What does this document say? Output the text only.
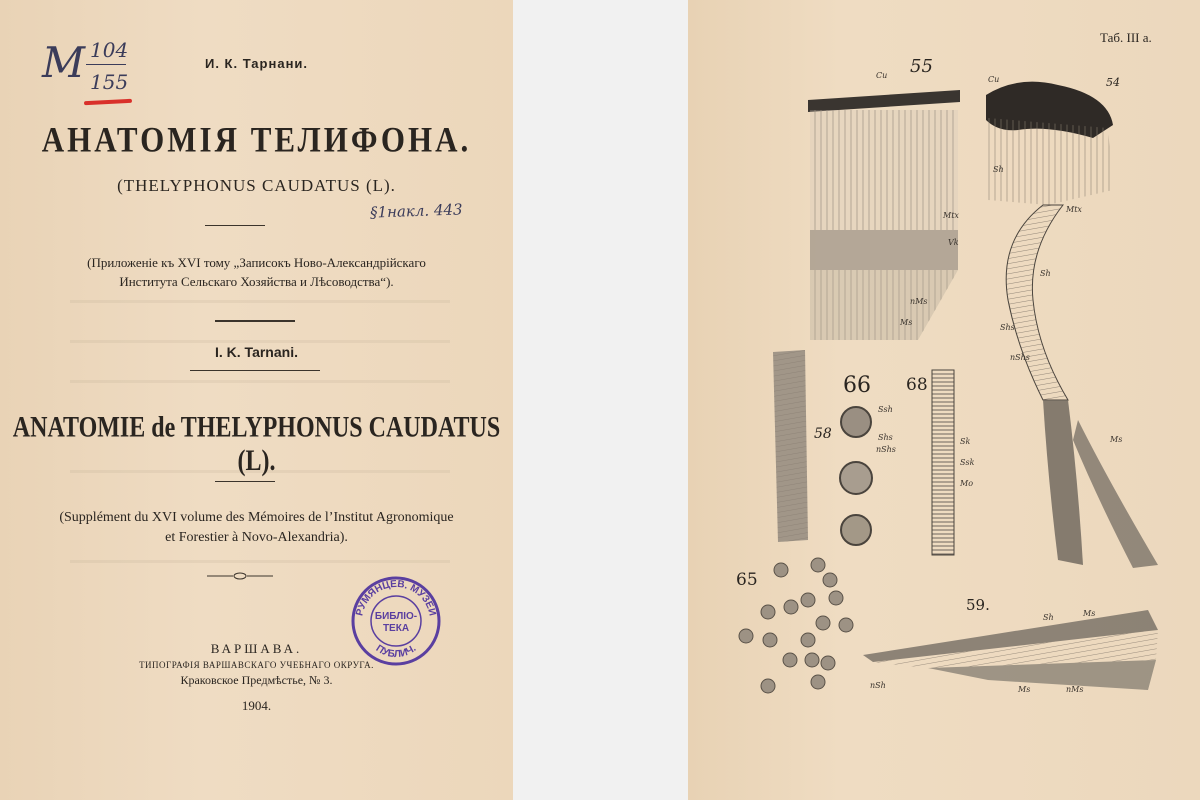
М 104
155
§1накл. 443
И. К. Тарнани.
АНАТОМІЯ ТЕЛИФОНА.
(THELYPHONUS CAUDATUS (L).
(Приложеніе къ XVI тому „Записокъ Ново-Александрійскаго
Института Сельскаго Хозяйства и Лѣсоводства“).
I. K. Tarnani.
ANATOMIE de THELYPHONUS CAUDATUS (L).
(Supplément du XVI volume des Mémoires de l’Institut Agronomique
et Forestier à Novo-Alexandria).
РУМЯНЦЕВ. МУЗЕЙ
ПУБЛИЧ.
БИБЛІО-
ТЕКА
ВАРШАВА.
ТИПОГРАФІЯ ВАРШАВСКАГО УЧЕБНАГО ОКРУГА.
Краковское Предмѣстье, № 3.
1904.
Таб. III а.
55
54
58
66 68
65
59.
Cu	Cu
Mtx
Vk
nMs
Ms
Sh
Mtx
Sh
Shs
nShs
Ms
Ssh
Shs
nShs
Sk
Ssk
Mo
Sh	Ms
nSh	Ms	nMs
